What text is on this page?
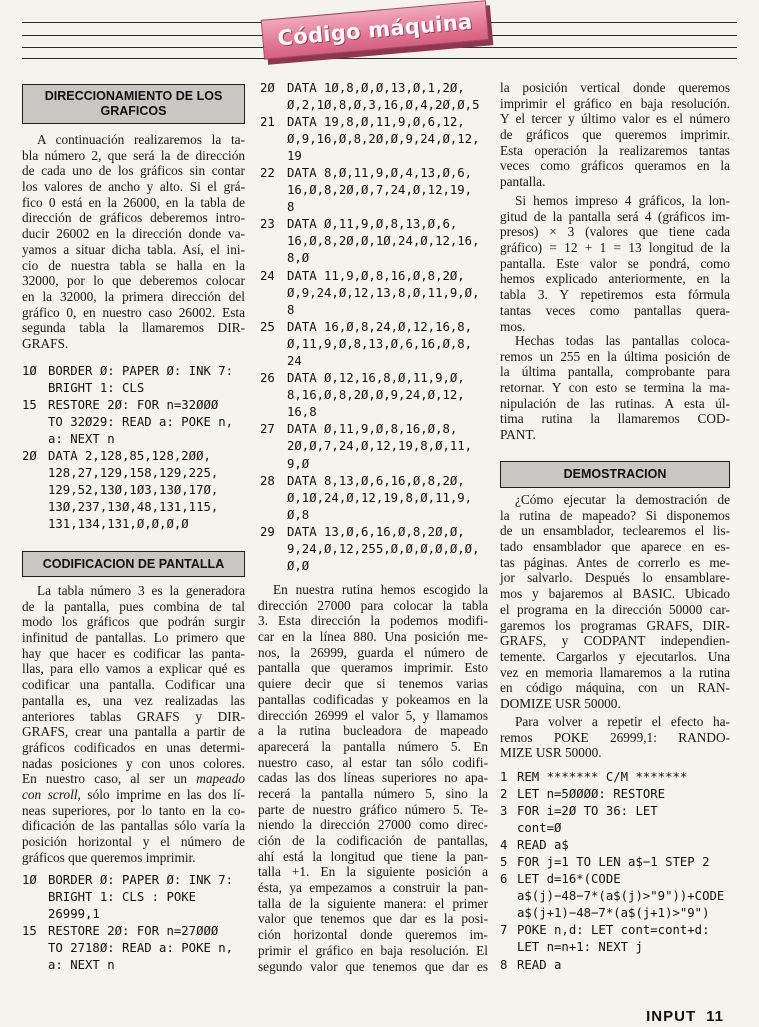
Código máquina
DIRECCIONAMIENTO DE LOS
GRAFICOS
A continuación realizaremos la ta-
bla número 2, que será la de dirección
de cada uno de los gráficos sin contar
los valores de ancho y alto. Si el grá-
fico 0 está en la 26000, en la tabla de
dirección de gráficos deberemos intro-
ducir 26002 en la dirección donde va-
yamos a situar dicha tabla. Así, el ini-
cio de nuestra tabla se halla en la
32000, por lo que deberemos colocar
en la 32000, la primera dirección del
gráfico 0, en nuestro caso 26002. Esta
segunda tabla la llamaremos DIR-
GRAFS.
1Ø BORDER Ø: PAPER Ø: INK 7:
BRIGHT 1: CLS
15 RESTORE 2Ø: FOR n=32ØØØ
TO 32Ø29: READ a: POKE n,
a: NEXT n
2Ø DATA 2,128,85,128,2ØØ,
128,27,129,158,129,225,
129,52,13Ø,1Ø3,13Ø,17Ø,
13Ø,237,13Ø,48,131,115,
131,134,131,Ø,Ø,Ø,Ø
CODIFICACION DE PANTALLA
La tabla número 3 es la generadora
de la pantalla, pues combina de tal
modo los gráficos que podrán surgir
infinitud de pantallas. Lo primero que
hay que hacer es codificar las panta-
llas, para ello vamos a explicar qué es
codificar una pantalla. Codificar una
pantalla es, una vez realizadas las
anteriores tablas GRAFS y DIR-
GRAFS, crear una pantalla a partir de
gráficos codificados en unas determi-
nadas posiciones y con unos colores.
En nuestro caso, al ser un mapeado
con scroll, sólo imprime en las dos lí-
neas superiores, por lo tanto en la co-
dificación de las pantallas sólo varía la
posición horizontal y el número de
gráficos que queremos imprimir.
1Ø BORDER Ø: PAPER Ø: INK 7:
BRIGHT 1: CLS : POKE
26999,1
15 RESTORE 2Ø: FOR n=27ØØØ
TO 2718Ø: READ a: POKE n,
a: NEXT n
2Ø DATA 1Ø,8,Ø,Ø,13,Ø,1,2Ø,
Ø,2,1Ø,8,Ø,3,16,Ø,4,2Ø,Ø,5
21 DATA 19,8,Ø,11,9,Ø,6,12,
Ø,9,16,Ø,8,2Ø,Ø,9,24,Ø,12,
19
22 DATA 8,Ø,11,9,Ø,4,13,Ø,6,
16,Ø,8,2Ø,Ø,7,24,Ø,12,19,
8
23 DATA Ø,11,9,Ø,8,13,Ø,6,
16,Ø,8,2Ø,Ø,1Ø,24,Ø,12,16,
8,Ø
24 DATA 11,9,Ø,8,16,Ø,8,2Ø,
Ø,9,24,Ø,12,13,8,Ø,11,9,Ø,
8
25 DATA 16,Ø,8,24,Ø,12,16,8,
Ø,11,9,Ø,8,13,Ø,6,16,Ø,8,
24
26 DATA Ø,12,16,8,Ø,11,9,Ø,
8,16,Ø,8,2Ø,Ø,9,24,Ø,12,
16,8
27 DATA Ø,11,9,Ø,8,16,Ø,8,
2Ø,Ø,7,24,Ø,12,19,8,Ø,11,
9,Ø
28 DATA 8,13,Ø,6,16,Ø,8,2Ø,
Ø,1Ø,24,Ø,12,19,8,Ø,11,9,
Ø,8
29 DATA 13,Ø,6,16,Ø,8,2Ø,Ø,
9,24,Ø,12,255,Ø,Ø,Ø,Ø,Ø,Ø,
Ø,Ø
En nuestra rutina hemos escogido la
dirección 27000 para colocar la tabla
3. Esta dirección la podemos modifi-
car en la línea 880. Una posición me-
nos, la 26999, guarda el número de
pantalla que queramos imprimir. Esto
quiere decir que si tenemos varias
pantallas codificadas y pokeamos en la
dirección 26999 el valor 5, y llamamos
a la rutina bucleadora de mapeado
aparecerá la pantalla número 5. En
nuestro caso, al estar tan sólo codifi-
cadas las dos líneas superiores no apa-
recerá la pantalla número 5, sino la
parte de nuestro gráfico número 5. Te-
niendo la dirección 27000 como direc-
ción de la codificación de pantallas,
ahí está la longitud que tiene la pan-
talla +1. En la siguiente posición a
ésta, ya empezamos a construir la pan-
talla de la siguiente manera: el primer
valor que tenemos que dar es la posi-
ción horizontal donde queremos im-
primir el gráfico en baja resolución. El
segundo valor que tenemos que dar es
la posición vertical donde queremos
imprimir el gráfico en baja resolución.
Y el tercer y último valor es el número
de gráficos que queremos imprimir.
Esta operación la realizaremos tantas
veces como gráficos queramos en la
pantalla.
Si hemos impreso 4 gráficos, la lon-
gitud de la pantalla será 4 (gráficos im-
presos) × 3 (valores que tiene cada
gráfico) = 12 + 1 = 13 longitud de la
pantalla. Este valor se pondrá, como
hemos explicado anteriormente, en la
tabla 3. Y repetiremos esta fórmula
tantas veces como pantallas quera-
mos.
Hechas todas las pantallas coloca-
remos un 255 en la última posición de
la última pantalla, comprobante para
retornar. Y con esto se termina la ma-
nipulación de las rutinas. A esta úl-
tima rutina la llamaremos COD-
PANT.
DEMOSTRACION
¿Cómo ejecutar la demostración de
la rutina de mapeado? Si disponemos
de un ensamblador, teclearemos el lis-
tado ensamblador que aparece en es-
tas páginas. Antes de correrlo es me-
jor salvarlo. Después lo ensamblare-
mos y bajaremos al BASIC. Ubicado
el programa en la dirección 50000 car-
garemos los programas GRAFS, DIR-
GRAFS, y CODPANT independien-
temente. Cargarlos y ejecutarlos. Una
vez en memoria llamaremos a la rutina
en código máquina, con un RAN-
DOMIZE USR 50000.
Para volver a repetir el efecto ha-
remos POKE 26999,1: RANDO-
MIZE USR 50000.
1 REM ******* C/M *******
2 LET n=5ØØØØ: RESTORE
3 FOR i=2Ø TO 36: LET
cont=Ø
4 READ a$
5 FOR j=1 TO LEN a$−1 STEP 2
6 LET d=16*(CODE
a$(j)−48−7*(a$(j)>"9"))+CODE
a$(j+1)−48−7*(a$(j+1)>"9")
7 POKE n,d: LET cont=cont+d:
LET n=n+1: NEXT j
8 READ a
INPUT 11
